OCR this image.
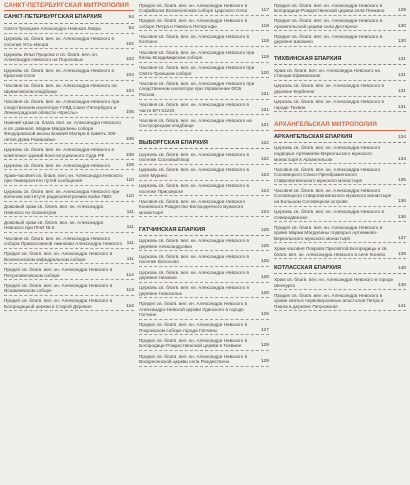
САНКТ-ПЕТЕРБУРГСКАЯ МИТРОПОЛИЯ
САНКТ-ПЕТЕРБУРГСКАЯ ЕПАРХИЯ	94
Свято-Троицкая Александро-Невская Лавра	94
Церковь св. благв. вел. кн. Александра Невского в поселке Усть-Ижора	102
Церковь Ильи Пророка и св. благв. вел. кн. Александра Невского на Пороховых	103
Церковь св. благв. вел. кн. Александра Невского в Красном Селе	104
Часовня св. благв. вел. кн. Александра Невского на Шуваловском кладбище	104
Часовня св. благв. вел. кн. Александра Невского при следственном изоляторе ГУВД Санкт-Петербурга и Ленинградской области «Кресты»	105
Нижний храм св. благв. вел. кн. Александра Невского и св. равноап. Марии Магдалины собора Феодоровской иконы Божией Матери в память 300-летия Дома Романовых	106
Церковь св. благв. вел. кн. Александра Невского в комплексе зданий Конституционного Суда РФ	108
Церковь св. благв. вел. кн. Александра Невского	109
Храм-часовня св. благв. вел. кн. Александра Невского при Университете путей сообщения	110
Церковь св. благв. вел. кн. Александра Невского при военном институте радиоэлектроники войск ПВО	110
Домовый храм св. благв. вел. кн. Александра Невского по психиатрии	111
Домовый храм св. благв. вел. кн. Александра Невского при ПНИ № 5	111
Часовня св. благв. вел. кн. Александра Невского собора Православной гимназии Александра Невского 111
Придел св. благв. вел. кн. Александра Невского в Вознесенском кафедральном соборе	111
Придел св. благв. вел. кн. Александра Невского в Петропавловском соборе	112
Придел св. благв. вел. кн. Александра Невского в Исаакиевском соборе	113
Придел св. благв. вел. кн. Александра Невского в Богородицкой церкви в Старой Деревне	116
Придел св. благв. вел. кн. Александра Невского в Софийском Вознесенском соборе Царского Села	117
Придел св. благв. вел. кн. Александра Невского в соборе Петра и Павла в Петергофе	118
Часовня св. благв. вел. кн. Александра Невского в Колпино	118
Часовня св. благв. вел. кн. Александра Невского при Князь-Владимирском соборе	119
Часовня св. благв. вел. кн. Александра Невского при Свято-Троицком соборе	120
Часовня св. благв. вел. кн. Александра Невского при следственном изоляторе при Управлении ФСБ России	121
Часовня св. благв. вел. кн. Александра Невского в части В/Ч 51240	121
Часовня св. благв. вел. кн. Александра Невского на Сестрорецком кладбище	121
ВЫБОРГСКАЯ ЕПАРХИЯ	122
Церковь св. благв. вел. кн. Александра Невского в поселке Сосновый Бор	122
Церковь св. благв. вел. кн. Александра Невского в селе Мурино	123
Церковь св. благв. вел. кн. Александра Невского в поселке Приозерске	124
Часовня св. благв. вел. кн. Александра Невского Коневского Рождество-Богородичного мужского монастыря	124
ГАТЧИНСКАЯ ЕПАРХИЯ	125
Церковь св. благв. вел. кн. Александра Невского в деревне Александровка	125
Церковь св. благв. вел. кн. Александра Невского в поселке Волосово	125
Церковь св. благв. вел. кн. Александра Невского в деревне Низовое	126
Церковь св. благв. вел. кн. Александра Невского в деревне Новоселье	126
Придел св. благв. вел. кн. Александра Невского в Александро-Невской церкви Удинского в городе Гатчине	126
Придел св. благв. вел. кн. Александра Невского в Покровском соборе города Гатчины	127
Придел св. благв. вел. кн. Александра Невского в Богородице-Рождественской церкви в Тихвине	128
Придел св. благв. вел. кн. Александра Невского в Воскресенской церкви села Рождествено	128
Придел св. благв. вел. кн. Александра Невского в Богородице-Рождественской церкви села Пенкино	129
Придел св. благв. вел. кн. Александра Невского в Архангельской церкви села Дегтярное	130
Придел св. благв. вел. кн. Александра Невского в деревне Шапкино	130
ТИХВИНСКАЯ ЕПАРХИЯ	131
Храм св. благв. вел. кн. Александра Невского на станции Ефимовская	131
Церковь св. благв. вел. кн. Александра Невского в деревне Кербеняе	131
Церковь св. благв. вел. кн. Александра Невского в городе Тихвин	131
АРХАНГЕЛЬСКАЯ МИТРОПОЛИЯ
АРХАНГЕЛЬСКАЯ ЕПАРХИЯ	134
Церковь св. благв. вел. кн. Александра Невского подворья Артемиево-Веркольского мужского монастыря в Архангельске	134
Часовня св. благв. вел. кн. Александра Невского Соловецкого Спасо-Преображенского ставропигиального мужского монастыря	135
Часовня св. благв. вел. кн. Александра Невского Соловецкого ставропигиального мужского монастыря на Большом Соловецком острове	136
Церковь св. благв. вел. кн. Александра Невского в Северодвинске	136
Придел св. благв. вел. кн. Александра Невского в храме Марии Магдалины подворья Артемиево-Веркольского мужского монастыря	137
Храм часовня Покрова Пресвятой Богородицы и св. благв. вел. кн. Александра Невского в селе Конево	139
КОТЛАССКАЯ ЕПАРХИЯ	140
Храм св. благв. вел. кн. Александра Невского в городе Шенкурск	140
Придел св. благв. вел. кн. Александра Невского в храме святых первоверховных апостолов Петра и Павла в деревне Петровская	141
